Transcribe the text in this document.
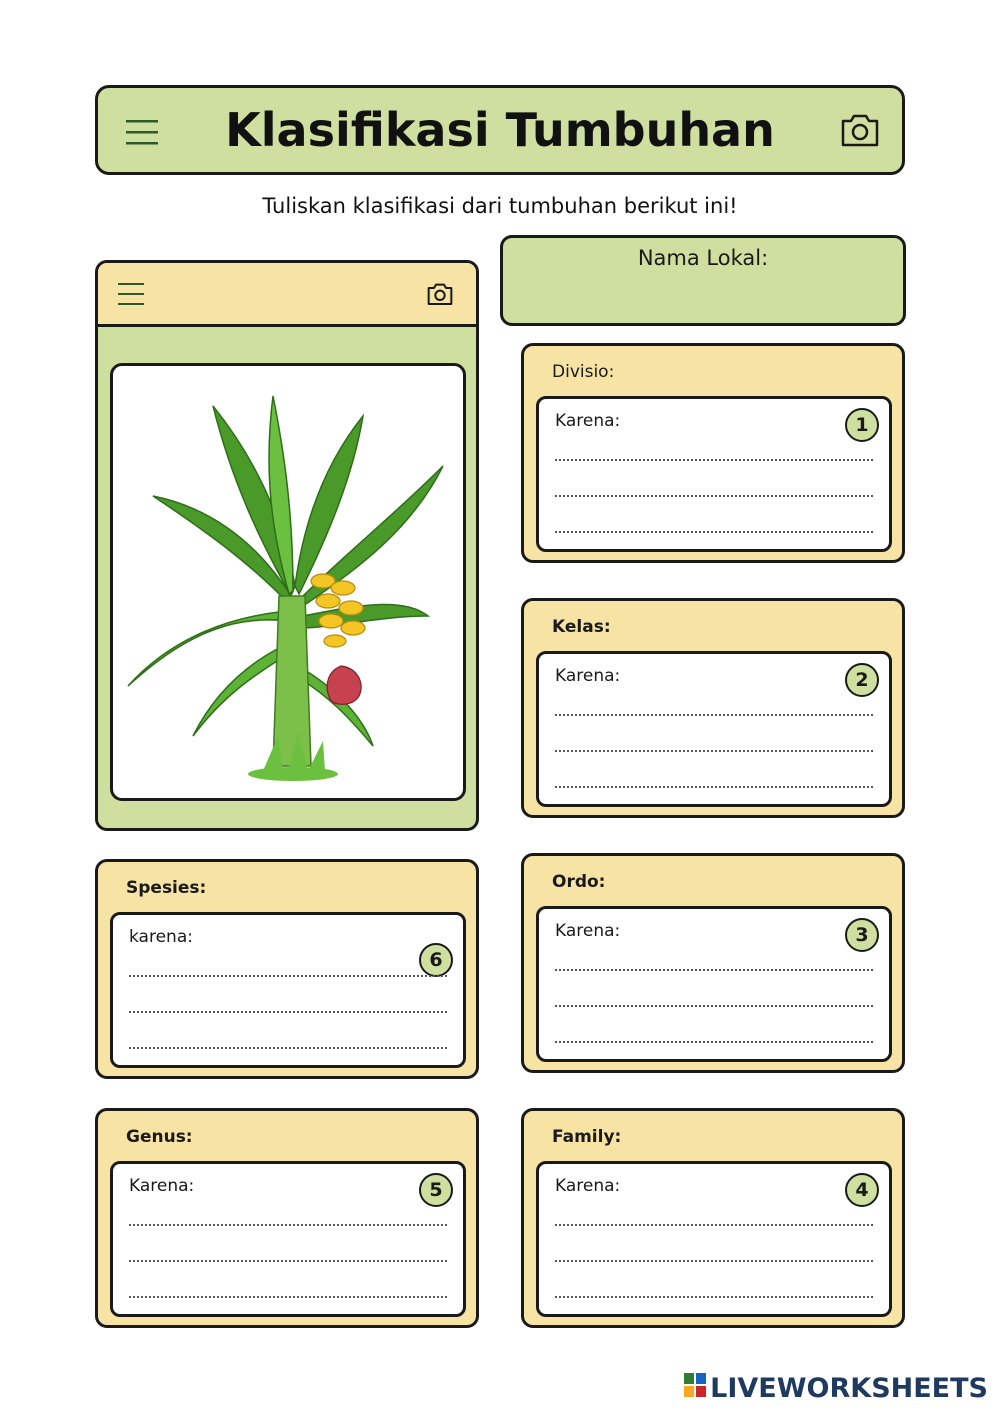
Klasifikasi Tumbuhan

Tuliskan klasifikasi dari tumbuhan berikut ini!

Nama Lokal:
Divisio:
Karena:	1
Kelas:
Karena:	2
Ordo:
Karena:	3
Family:
Karena:	4
Spesies:
karena:
6
Genus:
Karena:	5
LIVEWORKSHEETS
